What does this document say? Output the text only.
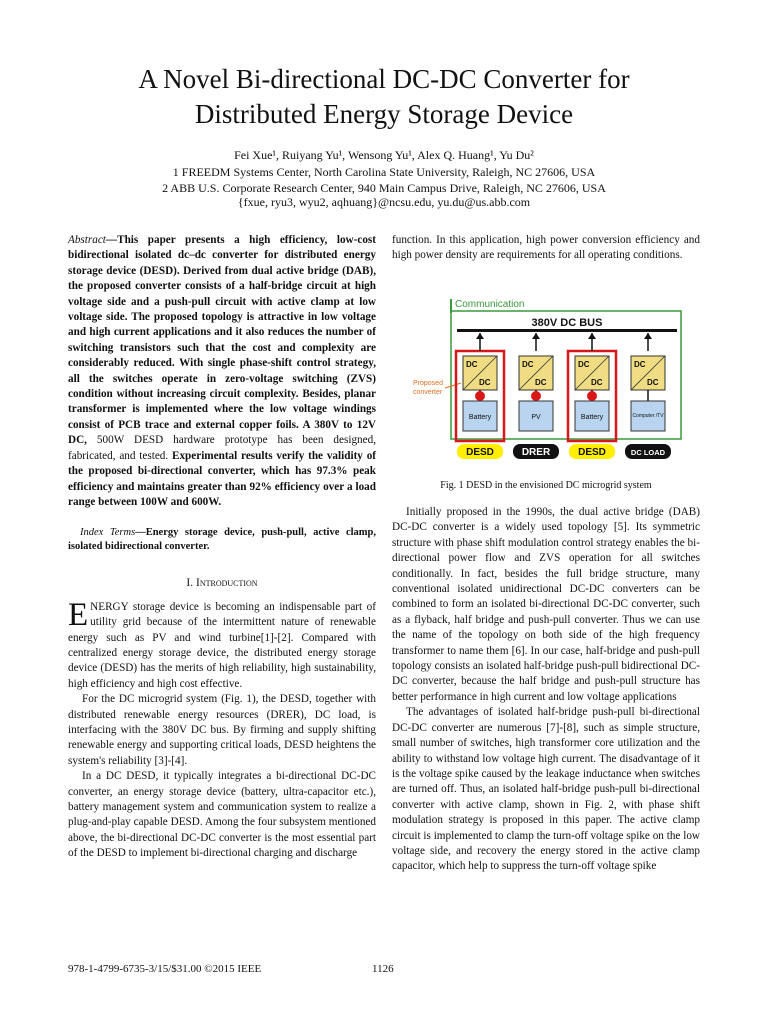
A Novel Bi-directional DC-DC Converter for
Distributed Energy Storage Device
Fei Xue¹, Ruiyang Yu¹, Wensong Yu¹, Alex Q. Huang¹, Yu Du²
1 FREEDM Systems Center, North Carolina State University, Raleigh, NC 27606, USA
2 ABB U.S. Corporate Research Center, 940 Main Campus Drive, Raleigh, NC 27606, USA
{fxue, ryu3, wyu2, aqhuang}@ncsu.edu, yu.du@us.abb.com

Abstract—This paper presents a high efficiency, low-cost bidirectional isolated dc–dc converter for distributed energy storage device (DESD). Derived from dual active bridge (DAB), the proposed converter consists of a half-bridge circuit at high voltage side and a push-pull circuit with active clamp at low voltage side. The proposed topology is attractive in low voltage and high current applications and it also reduces the number of switching transistors such that the cost and complexity are considerably reduced. With single phase-shift control strategy, all the switches operate in zero-voltage switching (ZVS) condition without increasing circuit complexity. Besides, planar transformer is implemented where the low voltage windings consist of PCB trace and external copper foils. A 380V to 12V DC, 500W DESD hardware prototype has been designed, fabricated, and tested. Experimental results verify the validity of the proposed bi-directional converter, which has 97.3% peak efficiency and maintains greater than 92% efficiency over a load range between 100W and 600W.

Index Terms—Energy storage device, push-pull, active clamp, isolated bidirectional converter.

I. Introduction

ENERGY storage device is becoming an indispensable part of utility grid because of the intermittent nature of renewable energy such as PV and wind turbine[1]-[2]. Compared with centralized energy storage device, the distributed energy storage device (DESD) has the merits of high reliability, high sustainability, high efficiency and high cost effective.

For the DC microgrid system (Fig. 1), the DESD, together with distributed renewable energy resources (DRER), DC load, is interfacing with the 380V DC bus. By firming and supply shifting renewable energy and supporting critical loads, DESD heightens the system's reliability [3]-[4].

In a DC DESD, it typically integrates a bi-directional DC-DC converter, an energy storage device (battery, ultra-capacitor etc.), battery management system and communication system to realize a plug-and-play capable DESD. Among the four subsystem mentioned above, the bi-directional DC-DC converter is the most essential part of the DESD to implement bi-directional charging and discharge

function. In this application, high power conversion efficiency and high power density are requirements for all operating conditions.

Communication
380V DC BUS
Proposed
converter
DC
DC
Battery
DESD
DC
DC
PV
DRER
DC
DC
Battery
DESD
DC
DC
Computer /TV
DC LOAD
Fig. 1 DESD in the envisioned DC microgrid system

Initially proposed in the 1990s, the dual active bridge (DAB) DC-DC converter is a widely used topology [5]. Its symmetric structure with phase shift modulation control strategy enables the bi-directional power flow and ZVS operation for all switches conditionally. In fact, besides the full bridge structure, many conventional isolated unidirectional DC-DC converters can be combined to form an isolated bi-directional DC-DC converter, such as a flyback, half bridge and push-pull converter. Thus we can use the name of the topology on both side of the high frequency transformer to name them [6]. In our case, half-bridge and push-pull topology consists an isolated half-bridge push-pull bidirectional DC-DC converter, because the half bridge and push-pull structure has better performance in high current and low voltage applications

The advantages of isolated half-bridge push-pull bi-directional DC-DC converter are numerous [7]-[8], such as simple structure, small number of switches, high transformer core utilization and the ability to withstand low voltage high current. The disadvantage of it is the voltage spike caused by the leakage inductance when switches are turned off. Thus, an isolated half-bridge push-pull bi-directional converter with active clamp, shown in Fig. 2, with phase shift modulation strategy is proposed in this paper. The active clamp circuit is implemented to clamp the turn-off voltage spike on the low voltage side, and recovery the energy stored in the active clamp capacitor, which help to suppress the turn-off voltage spike

978-1-4799-6735-3/15/$31.00 ©2015 IEEE	1126
